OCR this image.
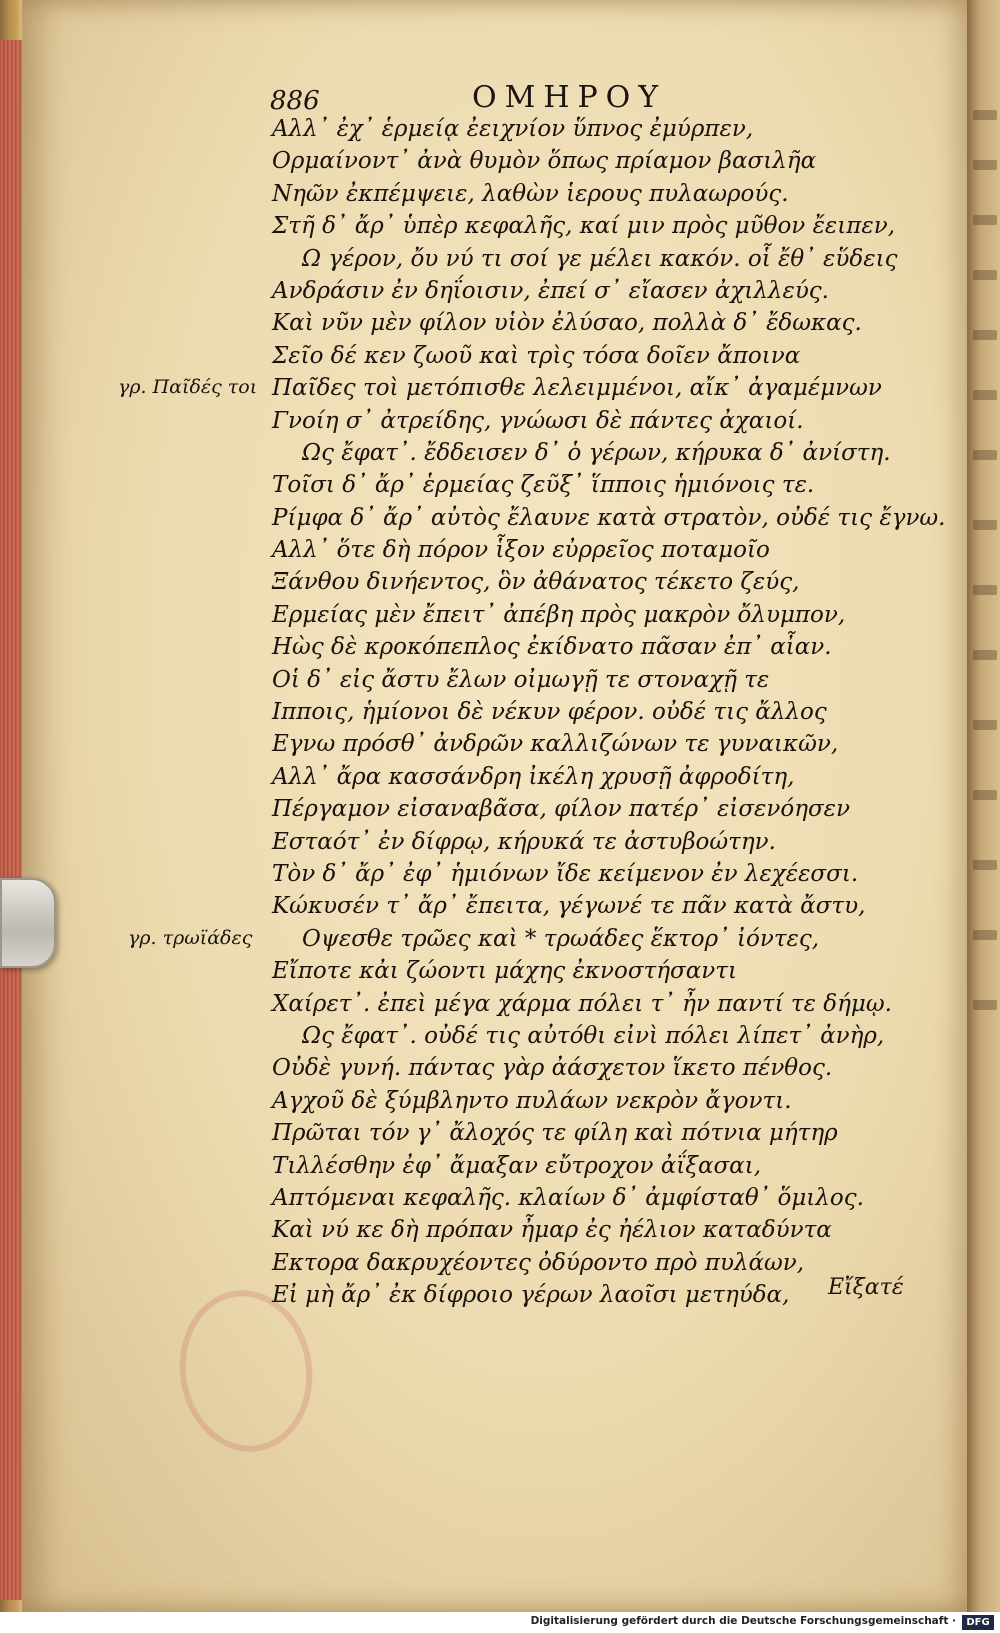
886	ΟΜΗΡΟΥ
Αλλ᾽ ἐχ᾽ ἑρμείᾳ ἐειχνίον ὕπνος ἐμύρπεν,
Ορμαίνοντ᾽ ἀνὰ θυμὸν ὅπως πρίαμον βασιλῆα
Νηῶν ἐκπέμψειε, λαθὼν ἱερους πυλαωρούς.
Στῆ δ᾽ ἄρ᾽ ὑπὲρ κεφαλῆς, καί μιν πρὸς μῦθον ἔειπεν,
Ω γέρον, ὄυ νύ τι σοί γε μέλει κακόν. οἷ ἔθ᾽ εὕδεις
Ανδράσιν ἐν δηΐοισιν, ἐπεί σ᾽ εἴασεν ἀχιλλεύς.
Καὶ νῦν μὲν φίλον υἱὸν ἐλύσαο, πολλὰ δ᾽ ἔδωκας.
Σεῖο δέ κεν ζωοῦ καὶ τρὶς τόσα δοῖεν ἄποινα
Παῖδες τοὶ μετόπισθε λελειμμένοι, αἴκ᾽ ἀγαμέμνων
Γνοίη σ᾽ ἀτρείδης, γνώωσι δὲ πάντες ἀχαιοί.
Ως ἔφατ᾽. ἔδδεισεν δ᾽ ὁ γέρων, κήρυκα δ᾽ ἀνίστη.
Τοῖσι δ᾽ ἄρ᾽ ἑρμείας ζεῦξ᾽ ἵπποις ἡμιόνοις τε.
Ρίμφα δ᾽ ἄρ᾽ αὐτὸς ἔλαυνε κατὰ στρατὸν, οὐδέ τις ἔγνω.
Αλλ᾽ ὅτε δὴ πόρον ἷξον εὐρρεῖος ποταμοῖο
Ξάνθου δινήεντος, ὃν ἀθάνατος τέκετο ζεύς,
Ερμείας μὲν ἔπειτ᾽ ἀπέβη πρὸς μακρὸν ὄλυμπον,
Ηὼς δὲ κροκόπεπλος ἐκίδνατο πᾶσαν ἐπ᾽ αἶαν.
Οἱ δ᾽ εἰς ἄστυ ἔλων οἰμωγῇ τε στοναχῇ τε
Ιπποις, ἡμίονοι δὲ νέκυν φέρον. οὐδέ τις ἄλλος
Εγνω πρόσθ᾽ ἀνδρῶν καλλιζώνων τε γυναικῶν,
Αλλ᾽ ἄρα κασσάνδρη ἰκέλη χρυσῇ ἀφροδίτη,
Πέργαμον εἰσαναβᾶσα, φίλον πατέρ᾽ εἰσενόησεν
Εσταότ᾽ ἐν δίφρῳ, κήρυκά τε ἀστυβοώτην.
Τὸν δ᾽ ἄρ᾽ ἐφ᾽ ἡμιόνων ἴδε κείμενον ἐν λεχέεσσι.
Κώκυσέν τ᾽ ἄρ᾽ ἔπειτα, γέγωνέ τε πᾶν κατὰ ἄστυ,
Οψεσθε τρῶες καὶ * τρωάδες ἕκτορ᾽ ἰόντες,
Εἴποτε κἀι ζώοντι μάχης ἐκνοστήσαντι
Χαίρετ᾽. ἐπεὶ μέγα χάρμα πόλει τ᾽ ἦν παντί τε δήμῳ.
Ως ἔφατ᾽. οὐδέ τις αὐτόθι εἰνὶ πόλει λίπετ᾽ ἀνὴρ,
Οὐδὲ γυνή. πάντας γὰρ ἀάσχετον ἵκετο πένθος.
Αγχοῦ δὲ ξύμβληντο πυλάων νεκρὸν ἄγοντι.
Πρῶται τόν γ᾽ ἄλοχός τε φίλη καὶ πότνια μήτηρ
Τιλλέσθην ἐφ᾽ ἄμαξαν εὔτροχον ἀΐξασαι,
Απτόμεναι κεφαλῆς. κλαίων δ᾽ ἀμφίσταθ᾽ ὅμιλος.
Καὶ νύ κε δὴ πρόπαν ἦμαρ ἐς ἠέλιον καταδύντα
Εκτορα δακρυχέοντες ὀδύροντο πρὸ πυλάων,
Εἰ μὴ ἄρ᾽ ἐκ δίφροιο γέρων λαοῖσι μετηύδα,	Εἴξατέ
Digitalisierung gefördert durch die Deutsche Forschungsgemeinschaft ·	DFG
γρ. Παῖδές τοι
γρ. τρωϊάδες
